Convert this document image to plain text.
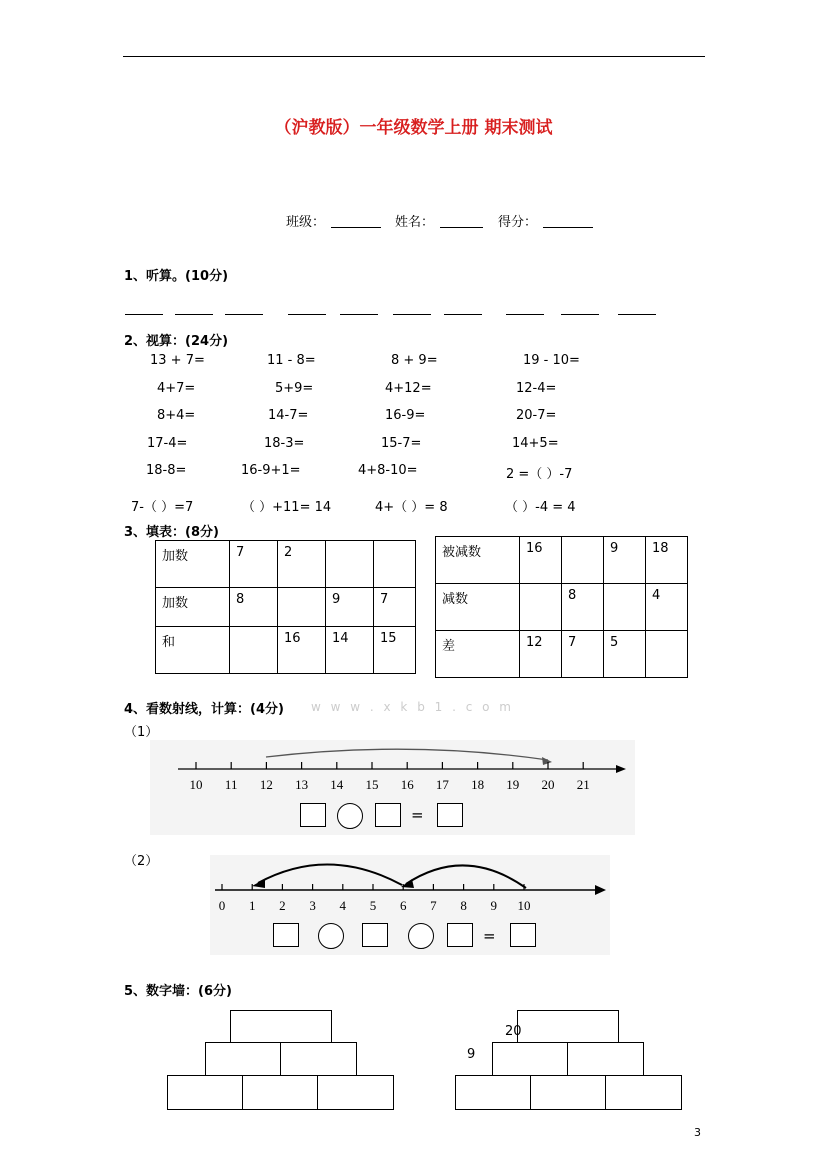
（沪教版）一年级数学上册 期末测试
班级：	姓名：	得分：
1、听算。(10分)
2、视算：(24分)
13 + 7=	11 - 8=	8 + 9=	19 - 10=
4+7=	5+9=	4+12=	12-4=
8+4=	14-7=	16-9=	20-7=
17-4=	18-3=	15-7=	14+5=
18-8=	16-9+1=	4+8-10=	2 =（ ）-7
7-（ ）=7	（ ）+11= 14	4+（ ）= 8	（ ）-4 = 4
3、填表：(8分)
加数	7	2		
加数	8		9	7
和		16	14	15
被减数	16		9	18
减数		8		4
差	12	7	5	
4、看数射线，计算：(4分) w w w . x k b 1 . c o m
（1）
10 11 12 13 14 15 16 17 18 19 20 21
=
（2）
0 1 2 3 4 5 6 7 8 9 10
=
5、数字墙：(6分)
20
9
3
